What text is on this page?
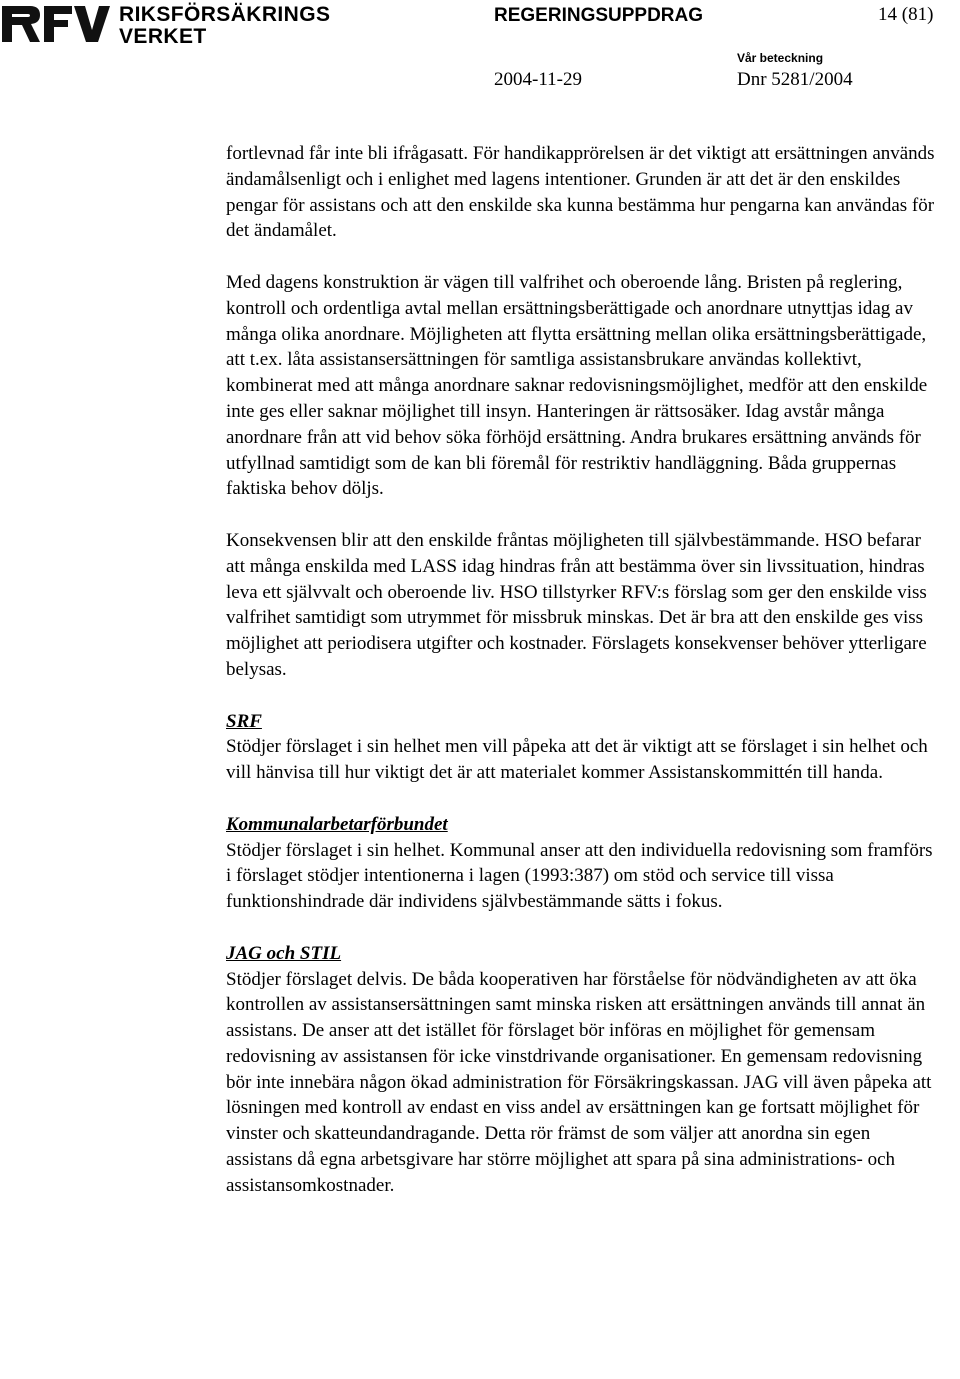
RIKSFÖRSÄKRINGS
VERKET
REGERINGSUPPDRAG	14 (81)
Vår beteckning
2004-11-29	Dnr 5281/2004

fortlevnad får inte bli ifrågasatt. För handikapprörelsen är det viktigt att ersättningen används ändamålsenligt och i enlighet med lagens intentioner. Grunden är att det är den enskildes pengar för assistans och att den enskilde ska kunna bestämma hur pengarna kan användas för det ändamålet.

Med dagens konstruktion är vägen till valfrihet och oberoende lång. Bristen på reglering, kontroll och ordentliga avtal mellan ersättningsberättigade och anordnare utnyttjas idag av många olika anordnare. Möjligheten att flytta ersättning mellan olika ersättningsberättigade, att t.ex. låta assistansersättningen för samtliga assistansbrukare användas kollektivt, kombinerat med att många anordnare saknar redovisningsmöjlighet, medför att den enskilde inte ges eller saknar möjlighet till insyn. Hanteringen är rättsosäker. Idag avstår många anordnare från att vid behov söka förhöjd ersättning. Andra brukares ersättning används för utfyllnad samtidigt som de kan bli föremål för restriktiv handläggning. Båda gruppernas faktiska behov döljs.

Konsekvensen blir att den enskilde fråntas möjligheten till självbestämmande. HSO befarar att många enskilda med LASS idag hindras från att bestämma över sin livssituation, hindras leva ett självvalt och oberoende liv. HSO tillstyrker RFV:s förslag som ger den enskilde viss valfrihet samtidigt som utrymmet för missbruk minskas. Det är bra att den enskilde ges viss möjlighet att periodisera utgifter och kostnader. Förslagets konsekvenser behöver ytterligare belysas.

SRF

Stödjer förslaget i sin helhet men vill påpeka att det är viktigt att se förslaget i sin helhet och vill hänvisa till hur viktigt det är att materialet kommer Assistanskommittén till handa.

Kommunalarbetarförbundet

Stödjer förslaget i sin helhet. Kommunal anser att den individuella redovisning som framförs i förslaget stödjer intentionerna i lagen (1993:387) om stöd och service till vissa funktionshindrade där individens självbestämmande sätts i fokus.

JAG och STIL

Stödjer förslaget delvis. De båda kooperativen har förståelse för nödvändigheten av att öka kontrollen av assistansersättningen samt minska risken att ersättningen används till annat än assistans. De anser att det istället för förslaget bör införas en möjlighet för gemensam redovisning av assistansen för icke vinstdrivande organisationer. En gemensam redovisning bör inte innebära någon ökad administration för Försäkringskassan. JAG vill även påpeka att lösningen med kontroll av endast en viss andel av ersättningen kan ge fortsatt möjlighet för vinster och skatteundandragande. Detta rör främst de som väljer att anordna sin egen assistans då egna arbetsgivare har större möjlighet att spara på sina administrations- och assistansomkostnader.
